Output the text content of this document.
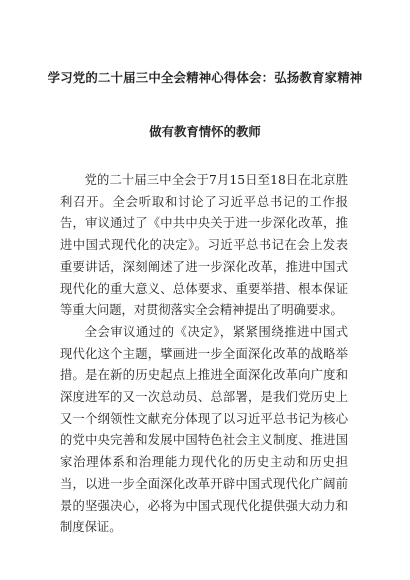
学习党的二十届三中全会精神心得体会：弘扬教育家精神
做有教育情怀的教师

党的二十届三中全会于7月15日至18日在北京胜利召开。全会听取和讨论了习近平总书记的工作报告，审议通过了《中共中央关于进一步深化改革，推进中国式现代化的决定》。习近平总书记在会上发表重要讲话，深刻阐述了进一步深化改革，推进中国式现代化的重大意义、总体要求、重要举措、根本保证等重大问题，对贯彻落实全会精神提出了明确要求。

全会审议通过的《决定》，紧紧围绕推进中国式现代化这个主题，擘画进一步全面深化改革的战略举措。是在新的历史起点上推进全面深化改革向广度和深度进军的又一次总动员、总部署，是我们党历史上又一个纲领性文献充分体现了以习近平总书记为核心的党中央完善和发展中国特色社会主义制度、推进国家治理体系和治理能力现代化的历史主动和历史担当，以进一步全面深化改革开辟中国式现代化广阔前景的坚强决心，必将为中国式现代化提供强大动力和制度保证。
